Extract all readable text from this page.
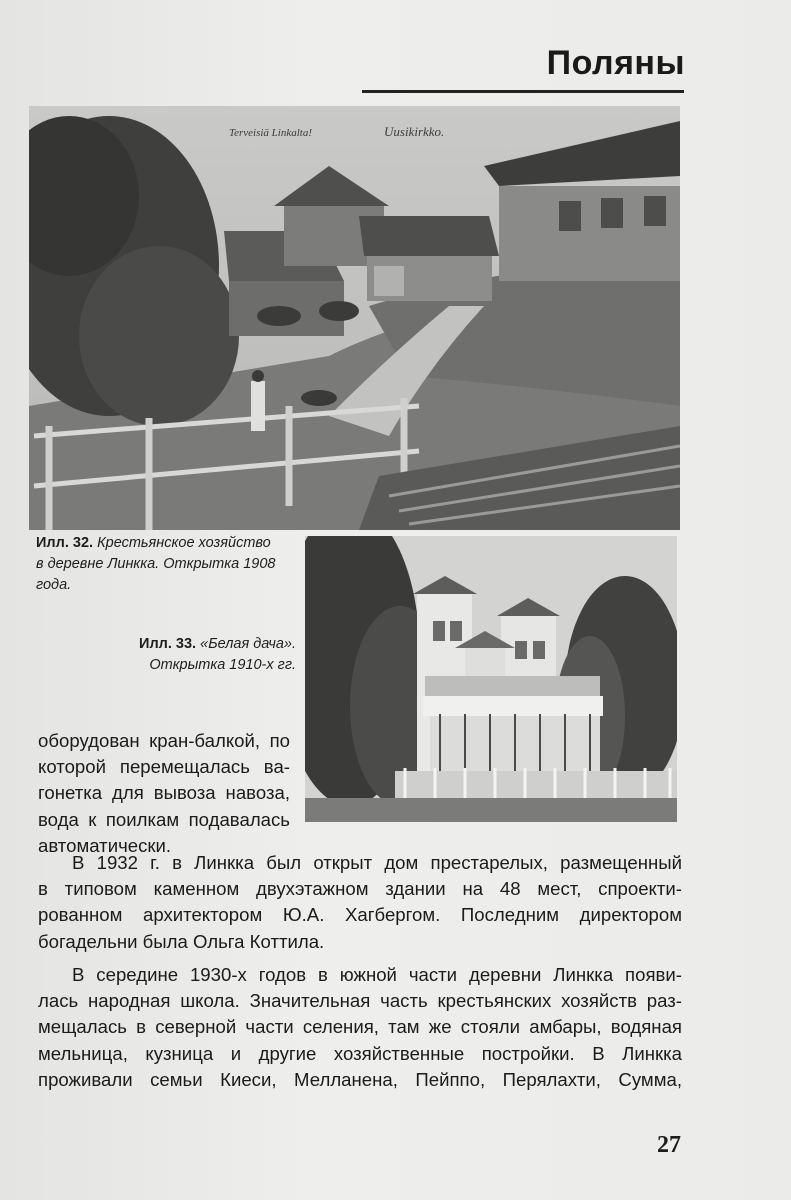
Поляны
Terveisiä Linkalta!	Uusikirkko.
Илл. 32. Крестьянское хозяйство
в деревне Линкка. Открытка 1908
года.
Илл. 33. «Белая дача».
Открытка 1910-х гг.
оборудован кран-балкой, по
которой перемещалась ва-
гонетка для вывоза навоза,
вода к поилкам подавалась
автоматически.
В 1932 г. в Линкка был открыт дом престарелых, размещенный
в типовом каменном двухэтажном здании на 48 мест, спроекти-
рованном архитектором Ю.А. Хагбергом. Последним директором
богадельни была Ольга Коттила.
В середине 1930-х годов в южной части деревни Линкка появи-
лась народная школа. Значительная часть крестьянских хозяйств раз-
мещалась в северной части селения, там же стояли амбары, водяная
мельница, кузница и другие хозяйственные постройки. В Линкка
проживали семьи Киеси, Мелланена, Пейппо, Перялахти, Сумма,
27
